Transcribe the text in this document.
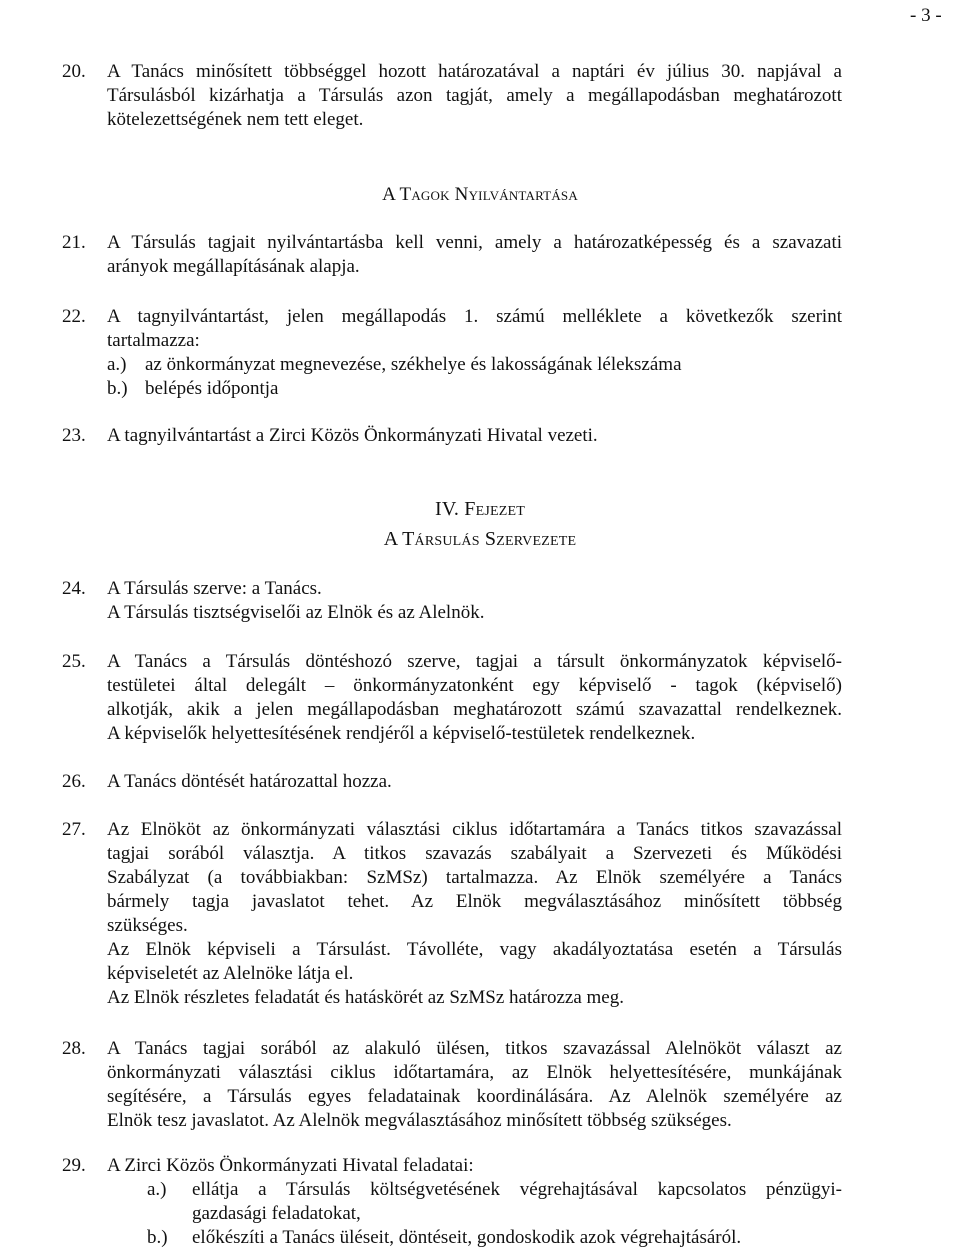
- 3 -
20. A Tanács minősített többséggel hozott határozatával a naptári év július 30. napjával a
Társulásból kizárhatja a Társulás azon tagját, amely a megállapodásban meghatározott
kötelezettségének nem tett eleget.
A Tagok Nyilvántartása
21. A Társulás tagjait nyilvántartásba kell venni, amely a határozatképesség és a szavazati
arányok megállapításának alapja.
22. A tagnyilvántartást, jelen megállapodás 1. számú melléklete a következők szerint
tartalmazza:
a.) az önkormányzat megnevezése, székhelye és lakosságának lélekszáma
b.) belépés időpontja
23. A tagnyilvántartást a Zirci Közös Önkormányzati Hivatal vezeti.
IV. Fejezet
A Társulás Szervezete
24. A Társulás szerve: a Tanács.
A Társulás tisztségviselői az Elnök és az Alelnök.
25. A Tanács a Társulás döntéshozó szerve, tagjai a társult önkormányzatok képviselő-
testületei által delegált – önkormányzatonként egy képviselő - tagok (képviselő)
alkotják, akik a jelen megállapodásban meghatározott számú szavazattal rendelkeznek.
A képviselők helyettesítésének rendjéről a képviselő-testületek rendelkeznek.
26. A Tanács döntését határozattal hozza.
27. Az Elnököt az önkormányzati választási ciklus időtartamára a Tanács titkos szavazással
tagjai sorából választja. A titkos szavazás szabályait a Szervezeti és Működési
Szabályzat (a továbbiakban: SzMSz) tartalmazza. Az Elnök személyére a Tanács
bármely tagja javaslatot tehet. Az Elnök megválasztásához minősített többség
szükséges.
Az Elnök képviseli a Társulást. Távolléte, vagy akadályoztatása esetén a Társulás
képviseletét az Alelnöke látja el.
Az Elnök részletes feladatát és hatáskörét az SzMSz határozza meg.
28. A Tanács tagjai sorából az alakuló ülésen, titkos szavazással Alelnököt választ az
önkormányzati választási ciklus időtartamára, az Elnök helyettesítésére, munkájának
segítésére, a Társulás egyes feladatainak koordinálására. Az Alelnök személyére az
Elnök tesz javaslatot. Az Alelnök megválasztásához minősített többség szükséges.
29. A Zirci Közös Önkormányzati Hivatal feladatai:
a.) ellátja a Társulás költségvetésének végrehajtásával kapcsolatos pénzügyi-
gazdasági feladatokat,
b.) előkészíti a Tanács üléseit, döntéseit, gondoskodik azok végrehajtásáról.
